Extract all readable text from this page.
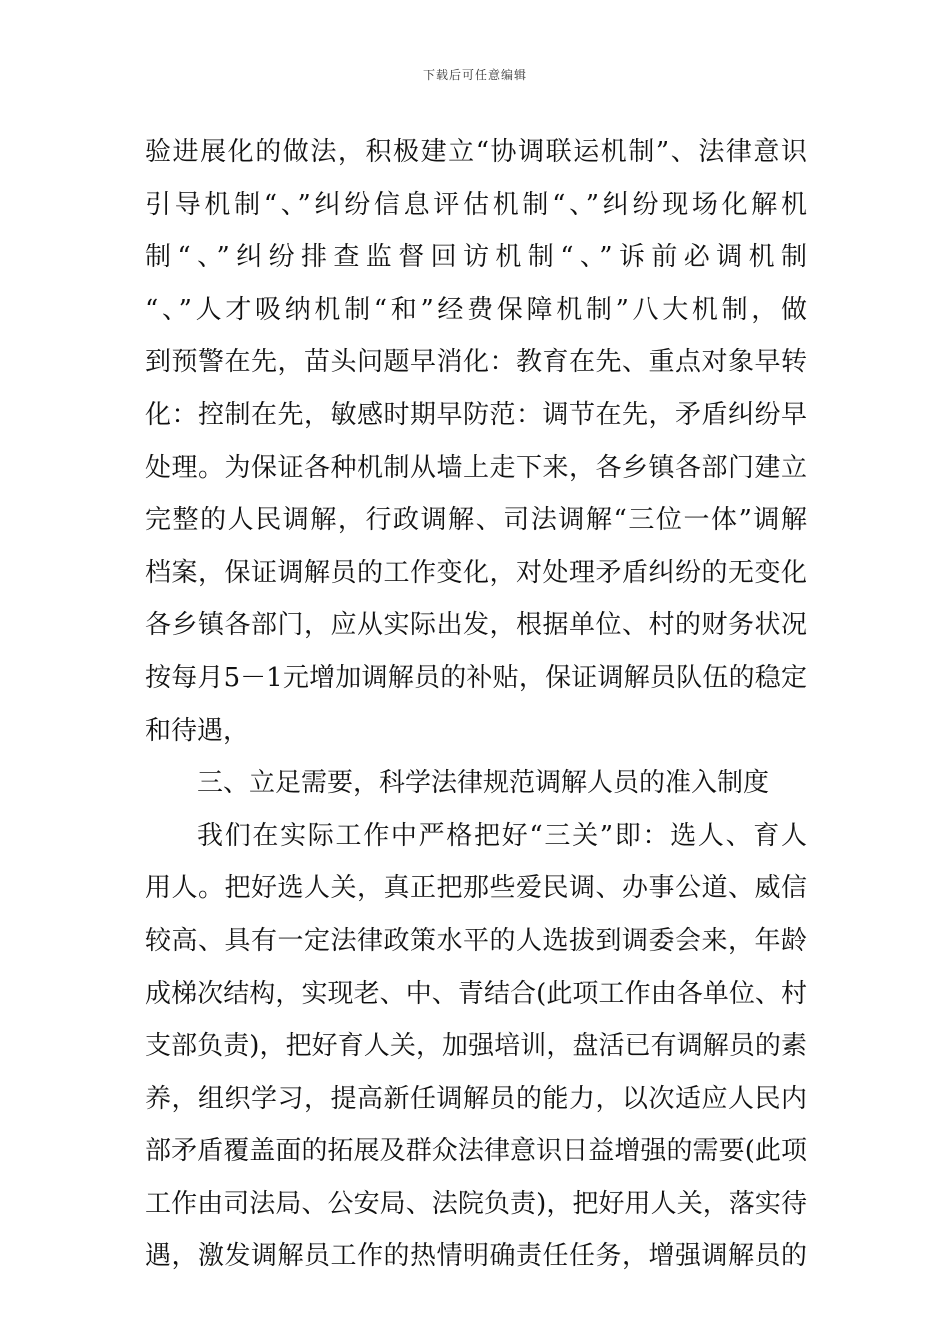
下载后可任意编辑
验进展化的做法，积极建立“协调联运机制”、法律意识
引导机制“、”纠纷信息评估机制“、”纠纷现场化解机
制“、”纠纷排查监督回访机制“、”诉前必调机制
“、”人才吸纳机制“和”经费保障机制”八大机制，做
到预警在先，苗头问题早消化：教育在先、重点对象早转
化：控制在先，敏感时期早防范：调节在先，矛盾纠纷早
处理。为保证各种机制从墙上走下来，各乡镇各部门建立
完整的人民调解，行政调解、司法调解“三位一体”调解
档案，保证调解员的工作变化，对处理矛盾纠纷的无变化
各乡镇各部门，应从实际出发，根据单位、村的财务状况
按每月5－1元增加调解员的补贴，保证调解员队伍的稳定
和待遇，
三、立足需要，科学法律规范调解人员的准入制度
我们在实际工作中严格把好“三关”即：选人、育人
用人。把好选人关，真正把那些爱民调、办事公道、威信
较高、具有一定法律政策水平的人选拔到调委会来，年龄
成梯次结构，实现老、中、青结合(此项工作由各单位、村
支部负责)，把好育人关，加强培训，盘活已有调解员的素
养，组织学习，提高新任调解员的能力，以次适应人民内
部矛盾覆盖面的拓展及群众法律意识日益增强的需要(此项
工作由司法局、公安局、法院负责)，把好用人关，落实待
遇，激发调解员工作的热情明确责任任务，增强调解员的
